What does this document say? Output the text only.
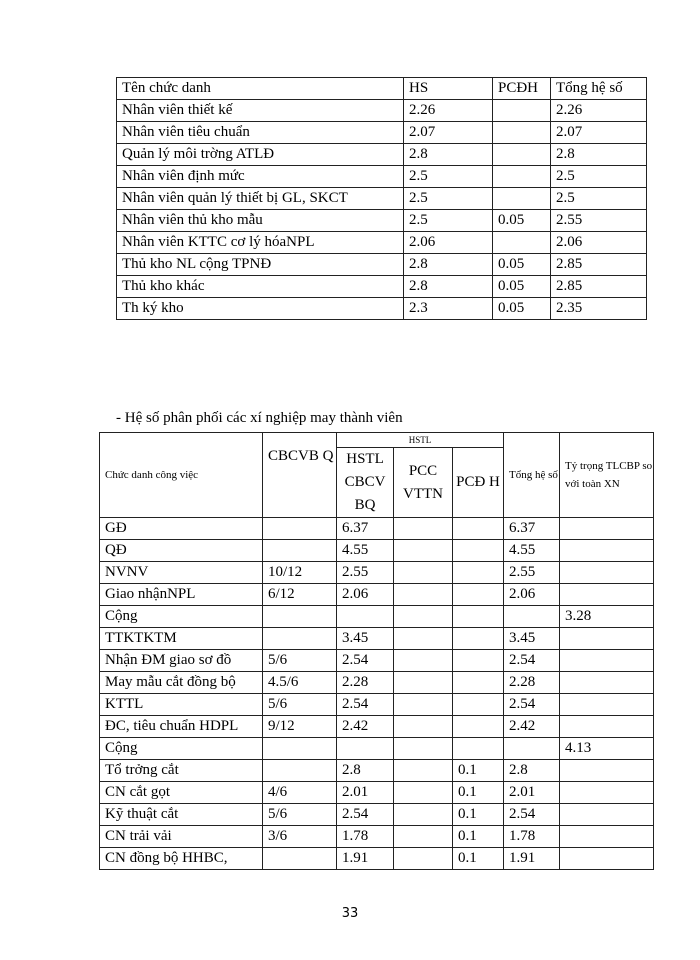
Tên chức danh	HS	PCĐH	Tổng hệ số
Nhân viên thiết kế	2.26		2.26
Nhân viên tiêu chuẩn	2.07		2.07
Quản lý môi trờng ATLĐ	2.8		2.8
Nhân viên định mức	2.5		2.5
Nhân viên quản lý thiết bị GL, SKCT	2.5		2.5
Nhân viên thủ kho mẫu	2.5	0.05	2.55
Nhân viên KTTC cơ lý hóaNPL	2.06		2.06
Thủ kho NL cộng TPNĐ	2.8	0.05	2.85
Thủ kho khác	2.8	0.05	2.85
Th ký kho	2.3	0.05	2.35
- Hệ số phân phối các xí nghiệp may thành viên
Chức danh công việc	CBCVB Q	HSTL			Tổng hệ số	Tỷ trọng TLCBP so với toàn XN
		HSTL CBCV BQ	PCC VTTN	PCĐ H		
GĐ		6.37			6.37	
QĐ		4.55			4.55	
NVNV	10/12	2.55			2.55	
Giao nhậnNPL	6/12	2.06			2.06	
Cộng						3.28
TTKTKTM		3.45			3.45	
Nhận ĐM giao sơ đồ	5/6	2.54			2.54	
May mẫu cắt đồng bộ	4.5/6	2.28			2.28	
KTTL	5/6	2.54			2.54	
ĐC, tiêu chuẩn HDPL	9/12	2.42			2.42	
Cộng						4.13
Tổ trởng cắt		2.8		0.1	2.8	
CN cắt gọt	4/6	2.01		0.1	2.01	
Kỹ thuật cắt	5/6	2.54		0.1	2.54	
CN trải vải	3/6	1.78		0.1	1.78	
CN đồng bộ HHBC,		1.91		0.1	1.91	
33
